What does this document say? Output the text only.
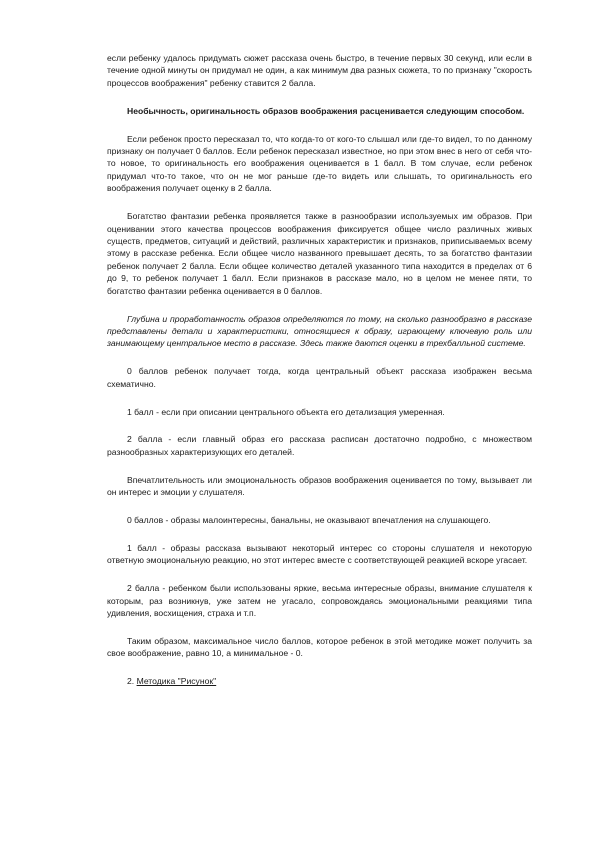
если ребенку удалось придумать сюжет рассказа очень быстро, в течение первых 30 секунд, или если в течение одной минуты он придумал не один, а как минимум два разных сюжета, то по признаку "скорость процессов воображения" ребенку ставится 2 балла.

Необычность, оригинальность образов воображения расценивается следующим способом.

Если ребенок просто пересказал то, что когда-то от кого-то слышал или где-то видел, то по данному признаку он получает 0 баллов. Если ребенок пересказал известное, но при этом внес в него от себя что-то новое, то оригинальность его воображения оценивается в 1 балл. В том случае, если ребенок придумал что-то такое, что он не мог раньше где-то видеть или слышать, то оригинальность его воображения получает оценку в 2 балла.

Богатство фантазии ребенка проявляется также в разнообразии используемых им образов. При оценивании этого качества процессов воображения фиксируется общее число различных живых существ, предметов, ситуаций и действий, различных характеристик и признаков, приписываемых всему этому в рассказе ребенка. Если общее число названного превышает десять, то за богатство фантазии ребенок получает 2 балла. Если общее количество деталей указанного типа находится в пределах от 6 до 9, то ребенок получает 1 балл. Если признаков в рассказе мало, но в целом не менее пяти, то богатство фантазии ребенка оценивается в 0 баллов.

Глубина и проработанность образов определяются по тому, на сколько разнообразно в рассказе представлены детали и характеристики, относящиеся к образу, играющему ключевую роль или занимающему центральное место в рассказе. Здесь также даются оценки в трехбалльной системе.

0 баллов ребенок получает тогда, когда центральный объект рассказа изображен весьма схематично.

1 балл - если при описании центрального объекта его детализация умеренная.

2 балла - если главный образ его рассказа расписан достаточно подробно, с множеством разнообразных характеризующих его деталей.

Впечатлительность или эмоциональность образов воображения оценивается по тому, вызывает ли он интерес и эмоции у слушателя.

0 баллов - образы малоинтересны, банальны, не оказывают впечатления на слушающего.

1 балл - образы рассказа вызывают некоторый интерес со стороны слушателя и некоторую ответную эмоциональную реакцию, но этот интерес вместе с соответствующей реакцией вскоре угасает.

2 балла - ребенком были использованы яркие, весьма интересные образы, внимание слушателя к которым, раз возникнув, уже затем не угасало, сопровождаясь эмоциональными реакциями типа удивления, восхищения, страха и т.п.

Таким образом, максимальное число баллов, которое ребенок в этой методике может получить за свое воображение, равно 10, а минимальное - 0.

2. Методика "Рисунок"
